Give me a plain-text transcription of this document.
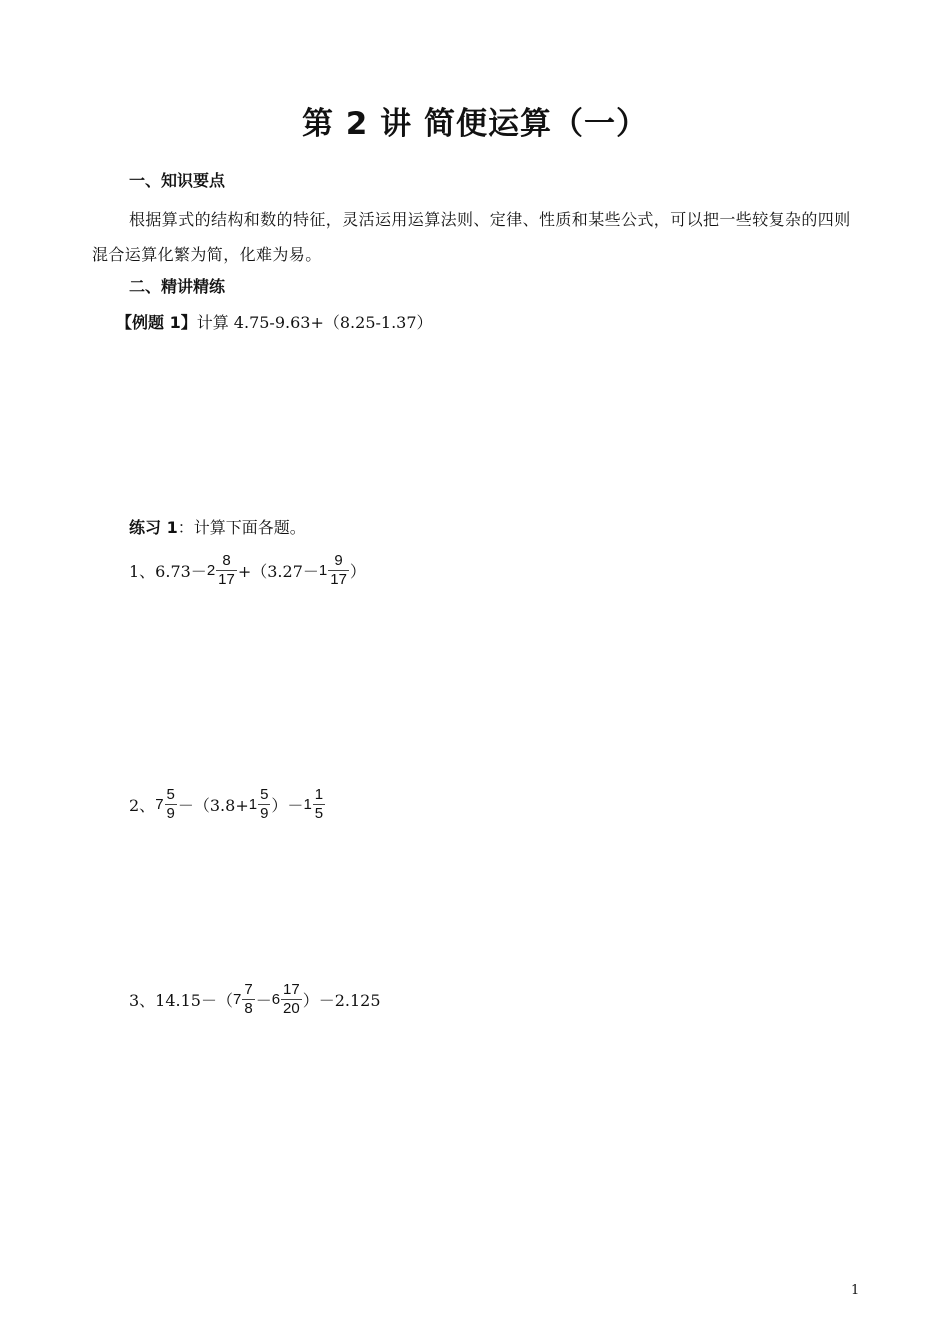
第 2 讲 简便运算（一）
一、知识要点
根据算式的结构和数的特征，灵活运用运算法则、定律、性质和某些公式，可以把一些较复杂的四则混合运算化繁为简，化难为易。
二、精讲精练
【例题 1】计算 4.75-9.63+（8.25-1.37）
练习 1：计算下面各题。
1、$6.73- 2 \frac{8}{17} +(3.27- 1 \frac{9}{17}$ ）
2、 $7 \frac{5}{9} -(3.8+ 1 \frac{5}{9}$ ）－ $1 \frac{1}{5}$
3、14.15－（ $7 \frac{7}{8} - 6 \frac{17}{20} )-2.125$
1
